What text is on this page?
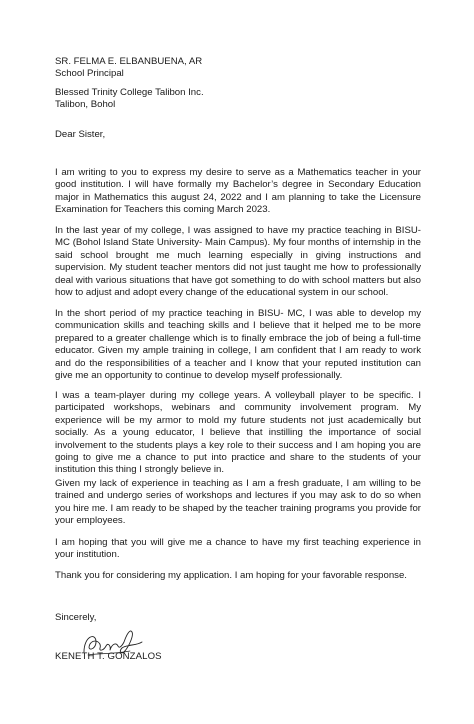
SR. FELMA E. ELBANBUENA, AR
School Principal
Blessed Trinity College Talibon Inc.
Talibon, Bohol
Dear Sister,

I am writing to you to express my desire to serve as a Mathematics teacher in your good institution. I will have formally my Bachelor’s degree in Secondary Education major in Mathematics this august 24, 2022 and I am planning to take the Licensure Examination for Teachers this coming March 2023.

In the last year of my college, I was assigned to have my practice teaching in BISU-MC (Bohol Island State University- Main Campus). My four months of internship in the said school brought me much learning especially in giving instructions and supervision. My student teacher mentors did not just taught me how to professionally deal with various situations that have got something to do with school matters but also how to adjust and adopt every change of the educational system in our school.

In the short period of my practice teaching in BISU- MC, I was able to develop my communication skills and teaching skills and I believe that it helped me to be more prepared to a greater challenge which is to finally embrace the job of being a full-time educator. Given my ample training in college, I am confident that I am ready to work and do the responsibilities of a teacher and I know that your reputed institution can give me an opportunity to continue to develop myself professionally.

I was a team-player during my college years. A volleyball player to be specific. I participated workshops, webinars and community involvement program. My experience will be my armor to mold my future students not just academically but socially. As a young educator, I believe that instilling the importance of social involvement to the students plays a key role to their success and I am hoping you are going to give me a chance to put into practice and share to the students of your institution this thing I strongly believe in.

Given my lack of experience in teaching as I am a fresh graduate, I am willing to be trained and undergo series of workshops and lectures if you may ask to do so when you hire me. I am ready to be shaped by the teacher training programs you provide for your employees.

I am hoping that you will give me a chance to have my first teaching experience in your institution.

Thank you for considering my application. I am hoping for your favorable response.

Sincerely,
KENETH T. GONZALOS
